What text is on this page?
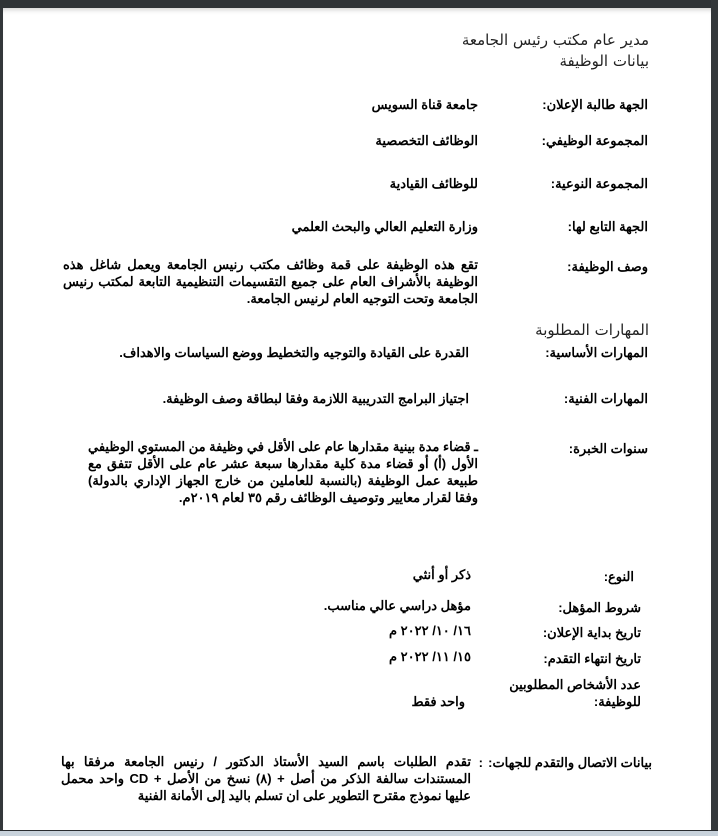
مدير عام مكتب رئيس الجامعة
بيانات الوظيفة
الجهة طالبة الإعلان:
جامعة قناة السويس
المجموعة الوظيفي:
الوظائف التخصصية
المجموعة النوعية:
للوظائف القيادية
الجهة التابع لها:
وزارة التعليم العالي والبحث العلمي
وصف الوظيفة:
تقع هذه الوظيفة على قمة وظائف مكتب رنيس الجامعة ويعمل شاغل هذه الوظيفة بالأشراف العام على جميع التقسيمات التنظيمية التابعة لمكتب رنيس الجامعة وتحت التوجيه العام لرنيس الجامعة.
المهارات المطلوبة
المهارات الأساسية:
القدرة على القيادة والتوجيه والتخطيط ووضع السياسات والاهداف.
المهارات الفنية:
اجتياز البرامج التدريبية اللازمة وفقا لبطاقة وصف الوظيفة.
سنوات الخبرة:
ـ قضاء مدة بينية مقدارها عام على الأقل في وظيفة من المستوي الوظيفي الأول (أ) أو قضاء مدة كلية مقدارها سبعة عشر عام على الأقل تتفق مع طبيعة عمل الوظيفة (بالنسبة للعاملين من خارج الجهاز الإداري بالدولة) وفقا لقرار معايير وتوصيف الوظائف رقم ٣٥ لعام ٢٠١٩م.
النوع:
ذكر أو أنثي
شروط المؤهل:
مؤهل دراسي عالي مناسب.
تاريخ بداية الإعلان:
١٦/ ١٠/ ٢٠٢٢ م
تاريخ انتهاء التقدم:
١٥/ ١١/ ٢٠٢٢ م
عدد الأشخاص المطلوبين
للوظيفة:
واحد فقط
بيانات الاتصال والتقدم للجهات:
:
تقدم الطلبات باسم السيد الأستاذ الدكتور / رنيس الجامعة مرفقا بها المستندات سالفة الذكر من أصل + (٨) نسخ من الأصل + CD واحد محمل عليها نموذج مقترح التطوير على ان تسلم باليد إلى الأمانة الفنية
